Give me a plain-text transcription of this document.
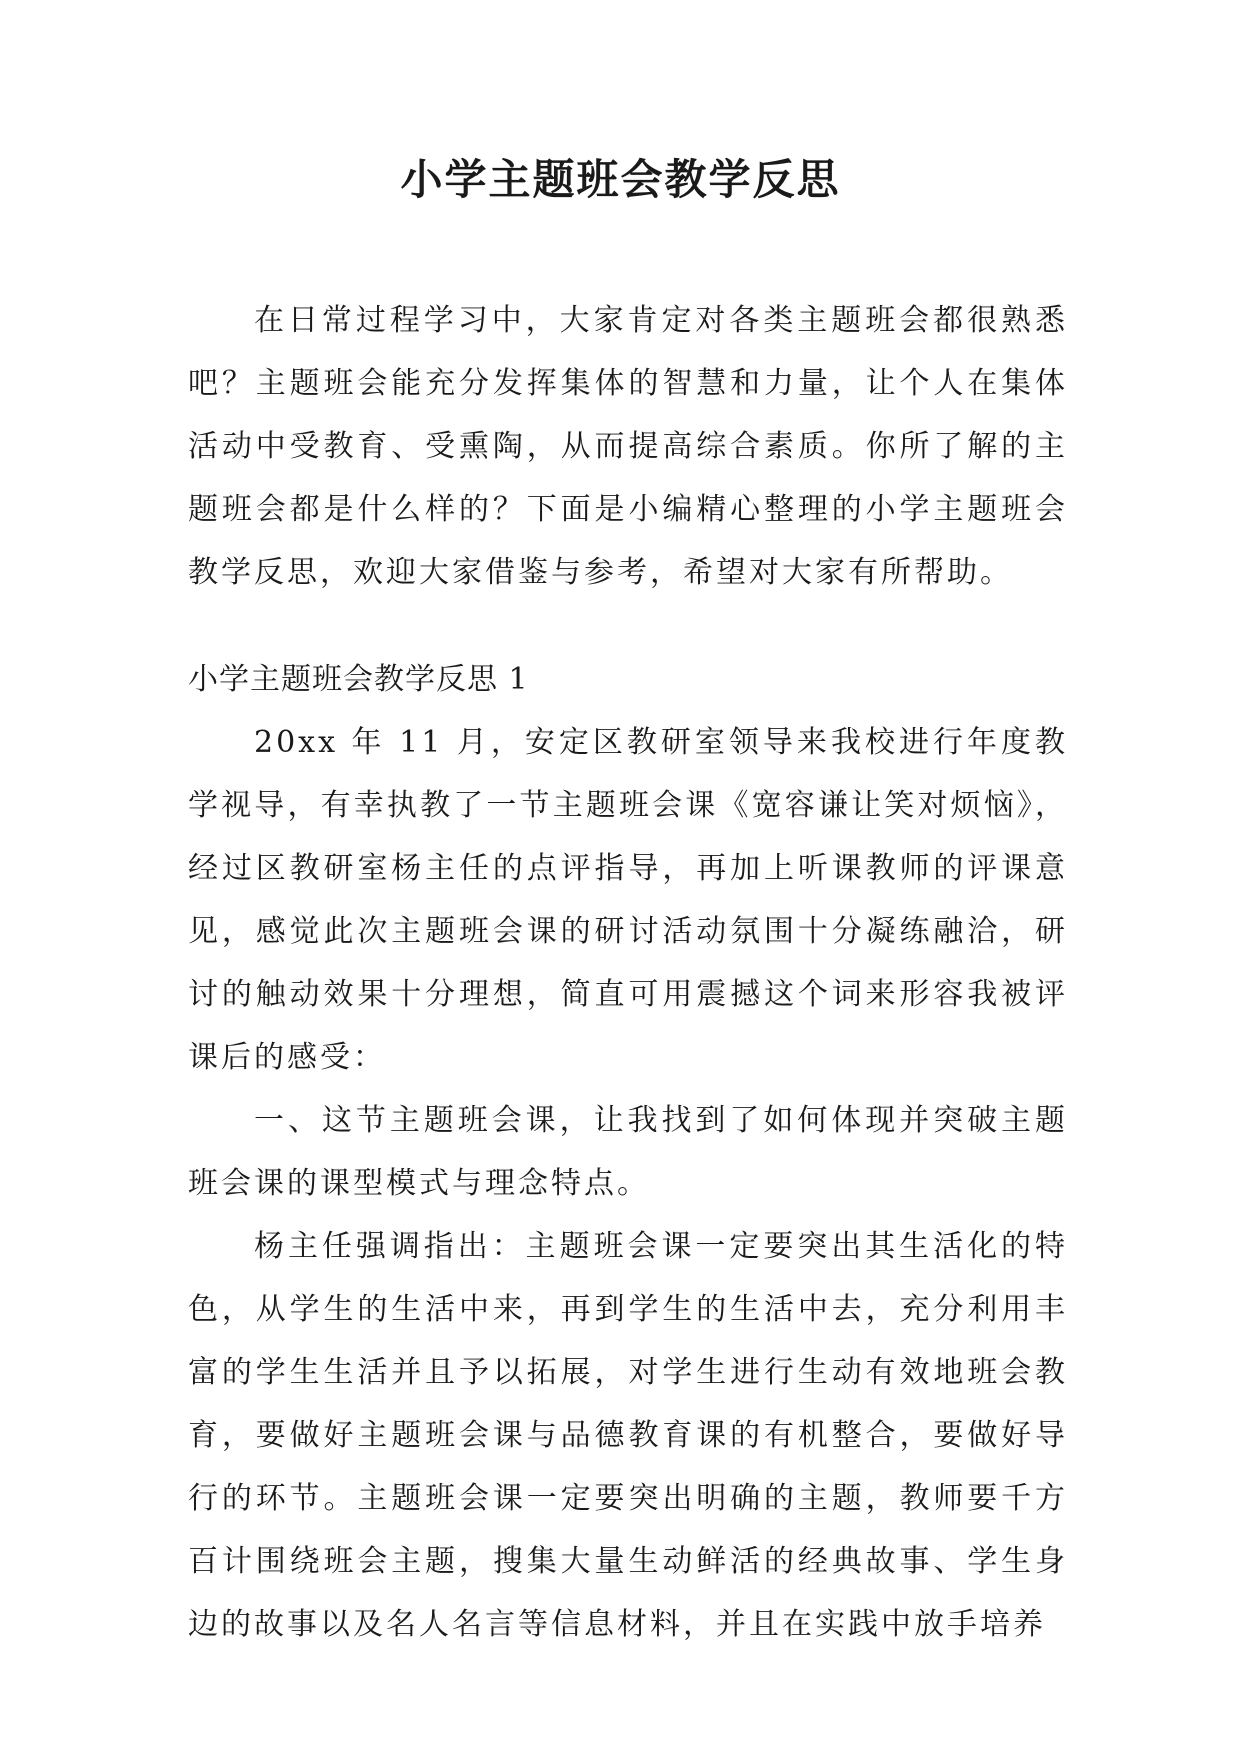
小学主题班会教学反思

在日常过程学习中，大家肯定对各类主题班会都很熟悉吧？主题班会能充分发挥集体的智慧和力量，让个人在集体活动中受教育、受熏陶，从而提高综合素质。你所了解的主题班会都是什么样的？下面是小编精心整理的小学主题班会教学反思，欢迎大家借鉴与参考，希望对大家有所帮助。

小学主题班会教学反思 1

20xx 年 11 月，安定区教研室领导来我校进行年度教学视导，有幸执教了一节主题班会课《宽容谦让笑对烦恼》，经过区教研室杨主任的点评指导，再加上听课教师的评课意见，感觉此次主题班会课的研讨活动氛围十分凝练融洽，研讨的触动效果十分理想，简直可用震撼这个词来形容我被评课后的感受：

一、这节主题班会课，让我找到了如何体现并突破主题班会课的课型模式与理念特点。

杨主任强调指出：主题班会课一定要突出其生活化的特色，从学生的生活中来，再到学生的生活中去，充分利用丰富的学生生活并且予以拓展，对学生进行生动有效地班会教育，要做好主题班会课与品德教育课的有机整合，要做好导行的环节。主题班会课一定要突出明确的主题，教师要千方百计围绕班会主题，搜集大量生动鲜活的经典故事、学生身边的故事以及名人名言等信息材料，并且在实践中放手培养
